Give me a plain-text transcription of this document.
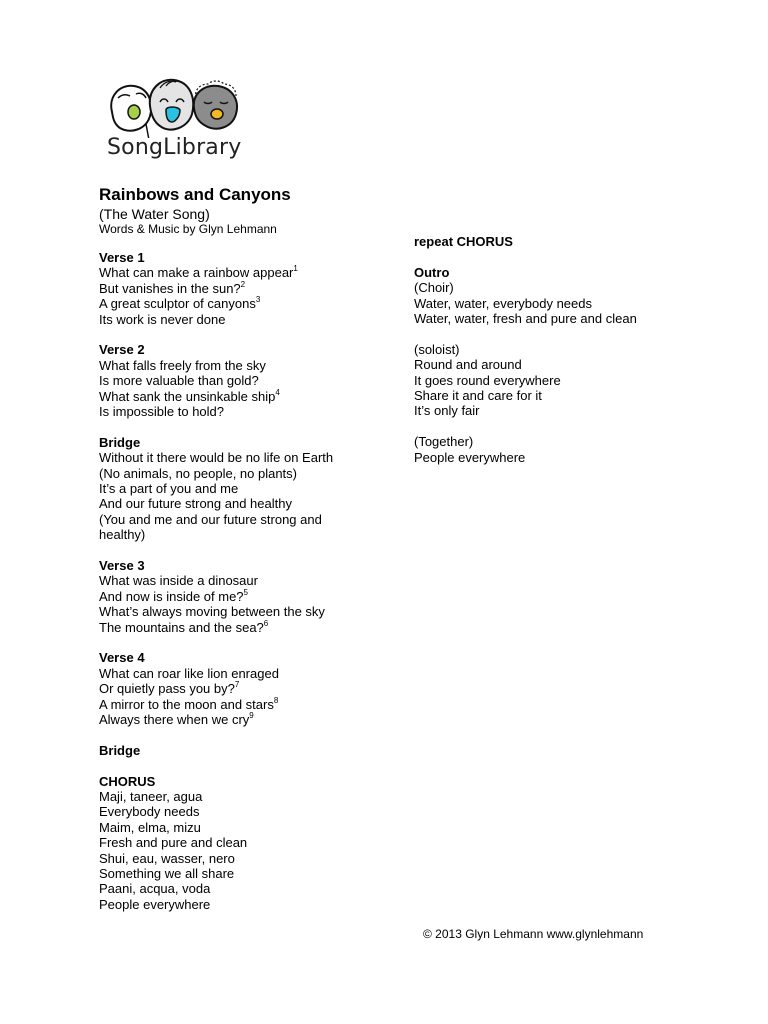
SongLibrary
Rainbows and Canyons
(The Water Song)
Words & Music by Glyn Lehmann
Verse 1
What can make a rainbow appear$^1$
But vanishes in the sun?$^2$
A great sculptor of canyons$^3$
Its work is never done
Verse 2
What falls freely from the sky
Is more valuable than gold?
What sank the unsinkable ship$^4$
Is impossible to hold?
Bridge
Without it there would be no life on Earth
(No animals, no people, no plants)
It’s a part of you and me
And our future strong and healthy
(You and me and our future strong and healthy)
Verse 3
What was inside a dinosaur
And now is inside of me?$^5$
What’s always moving between the sky
The mountains and the sea?$^6$
Verse 4
What can roar like lion enraged
Or quietly pass you by?$^7$
A mirror to the moon and stars$^8$
Always there when we cry$^9$
Bridge
CHORUS
Maji, taneer, agua
Everybody needs
Maim, elma, mizu
Fresh and pure and clean
Shui, eau, wasser, nero
Something we all share
Paani, acqua, voda
People everywhere
repeat CHORUS
Outro
(Choir)
Water, water, everybody needs
Water, water, fresh and pure and clean
(soloist)
Round and around
It goes round everywhere
Share it and care for it
It’s only fair
(Together)
People everywhere
© 2013 Glyn Lehmann www.glynlehmann
